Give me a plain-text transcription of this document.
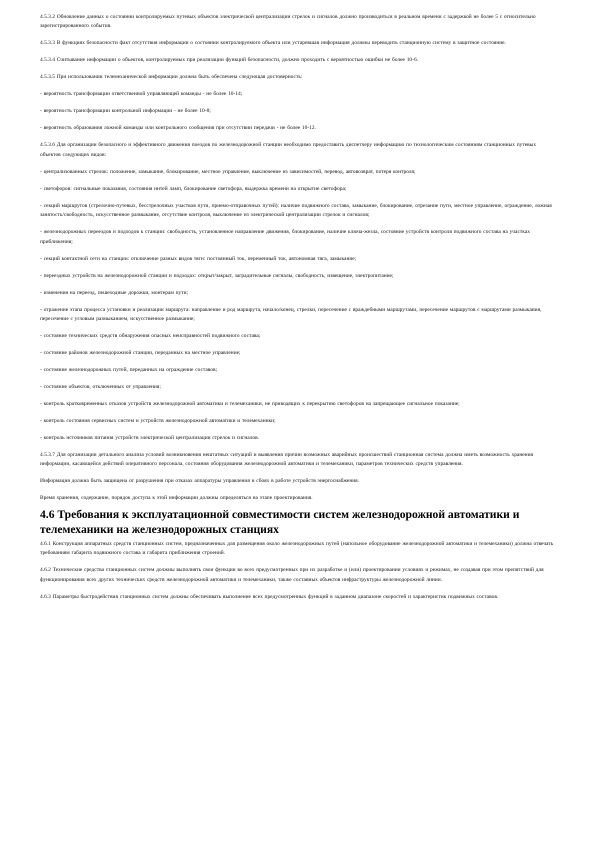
4.5.3.2 Обновление данных о состоянии контролируемых путевых объектов электрической централизации стрелок и сигналов должно производиться в реальном времени с задержкой не более 5 с относительно зарегистрированного события.

4.5.3.3 В функциях безопасности факт отсутствия информации о состоянии контролируемого объекта или устаревшая информация должны переводить станционную систему в защитное состояние.

4.5.3.4 Считывание информации о объектов, контролируемых при реализации функций безопасности, должно проходить с вероятностью ошибки не более 10-6.

4.5.3.5 При использовании телемеханической информации должна быть обеспечена следующая достоверность:

- вероятность трансформации ответственной управляющей команды - не более 10-14;

- вероятность трансформации контрольной информации - не более 10-8;

- вероятность образования ложной команды или контрольного сообщения при отсутствии передачи - не более 10-12.

4.5.3.6 Для организации безопасного и эффективного движения поездов по железнодорожной станции необходимо предоставить диспетчеру информацию по технологическим состояниям станционных путевых объектов следующих видов:

- централизованных стрелок: положение, замыкание, блокирование, местное управление, выключение из зависимостей, перевод, автовозврат, потеря контроля;

- светофоров: сигнальные показания, состояния нитей ламп, блокирование светофора, выдержка времени на открытие светофора;

- секций маршрутов (стрелочно-путевых, бесстрелочных участков пути, приемо-отправочных путей): наличие подвижного состава, замыкание, блокирование, отрезание пути, местное управление, ограждение, ложная занятость/свободность, искусственное размыкание, отсутствие контроля, выключение из электрической централизации стрелок и сигналов;

- железнодорожных переездов и подходов к станции: свободность, установленное направление движения, блокирование, наличие ключа-жезла, состояние устройств контроля подвижного состава на участках приближения;

- секций контактной сети на станции: отключение разных видов тяги: постоянный ток, переменный ток, автономная тяга, замыкание;

- переездных устройств на железнодорожной станции и подходах: открыт/закрыт, заградительные сигналы, свободность, извещение, электропитание;

- изменения на переезд, пешеходные дорожки, монтерам пути;

- отражение этапа процесса установки и реализации маршрута: направление и род маршрута, начало/конец, стрелки, пересечение с враждебными маршрутами, пересечение маршрутов с маршрутами размыкания, пересечение с угловым размыканием, искусственное размыкание;

- состояние технических средств обнаружения опасных неисправностей подвижного состава;

- состояние районов железнодорожной станции, переданных на местное управление;

- состояние железнодорожных путей, переданных на ограждение составов;

- состояние объектов, отключенных от управления;

- контроль кратковременных отказов устройств железнодорожной автоматики и телемеханики, не приводящих к перекрытию светофоров на запрещающее сигнальное показание;

- контроль состояния сервисных систем и устройств железнодорожной автоматики и телемеханики;

- контроль источников питания устройств электрической централизации стрелок и сигналов.

4.5.3.7 Для организации детального анализа условий возникновения нештатных ситуаций и выявления причин возможных аварийных происшествий станционная система должна иметь возможность хранения информации, касающейся действий оперативного персонала, состояния оборудования железнодорожной автоматики и телемеханики, параметров технических средств управления.

Информация должна быть защищена от разрушения при отказах аппаратуры управления и сбоях в работе устройств энергоснабжения.

Время хранения, содержание, порядок доступа к этой информации должны определяться на этапе проектирования.

4.6 Требования к эксплуатационной совместимости систем железнодорожной автоматики и телемеханики на железнодорожных станциях

4.6.1 Конструкция аппаратных средств станционных систем, предназначенных для размещения около железнодорожных путей (напольное оборудование железнодорожной автоматики и телемеханики) должна отвечать требованиям габарита подвижного состава и габарита приближения строений.

4.6.2 Технические средства станционных систем должны выполнять свои функции во всех предусмотренных при их разработке и (или) проектировании условиях и режимах, не создавая при этом препятствий для функционирования всех других технических средств железнодорожной автоматики и телемеханики, также составных объектов инфраструктуры железнодорожной линии.

4.6.3 Параметры быстродействия станционных систем должны обеспечивать выполнение всех предусмотренных функций в заданном диапазоне скоростей и характеристик подвижных составов.
